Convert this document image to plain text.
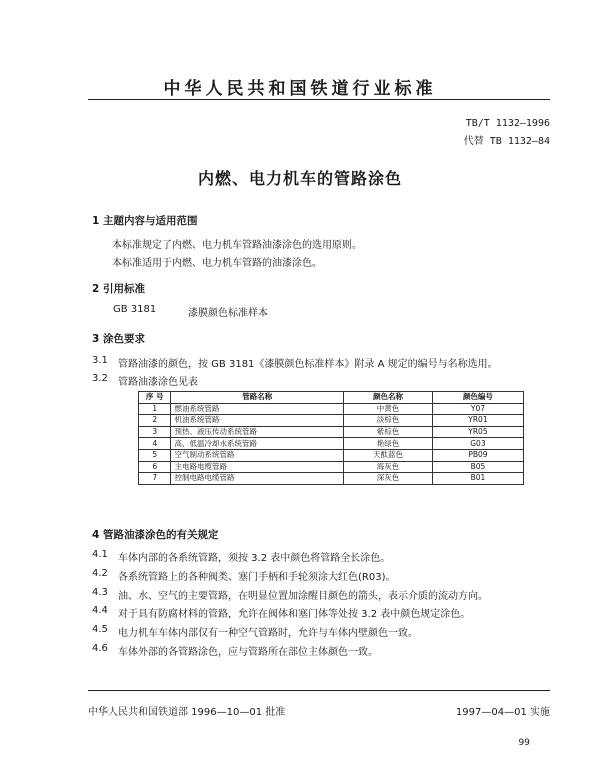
中华人民共和国铁道行业标准
TB/T 1132—1996
代替 TB 1132—84
内燃、电力机车的管路涂色
1 主题内容与适用范围
本标准规定了内燃、电力机车管路油漆涂色的选用原则。
本标准适用于内燃、电力机车管路的油漆涂色。
2 引用标准
GB 3181	漆膜颜色标准样本
3 涂色要求
3.1 管路油漆的颜色，按 GB 3181《漆膜颜色标准样本》附录 A 规定的编号与名称选用。
3.2 管路油漆涂色见表
序 号	管路名称	颜色名称	颜色编号
1	燃油系统管路	中黄色	Y07
2	机油系统管路	淡棕色	YR01
3	预热、液压传动系统管路	紫棕色	YR05
4	高、低温冷却水系统管路	艳绿色	G03
5	空气制动系统管路	天酞蓝色	PB09
6	主电路电缆管路	海灰色	B05
7	控制电路电缆管路	深灰色	B01
4 管路油漆涂色的有关规定
4.1 车体内部的各系统管路，须按 3.2 表中颜色将管路全长涂色。
4.2 各系统管路上的各种阀类、塞门手柄和手轮须涂大红色(R03)。
4.3 油、水、空气的主要管路，在明显位置加涂醒目颜色的箭头，表示介质的流动方向。
4.4 对于具有防腐材料的管路，允许在阀体和塞门体等处按 3.2 表中颜色规定涂色。
4.5 电力机车车体内部仅有一种空气管路时，允许与车体内壁颜色一致。
4.6 车体外部的各管路涂色，应与管路所在部位主体颜色一致。
中华人民共和国铁道部 1996—10—01 批准	1997—04—01 实施
99
